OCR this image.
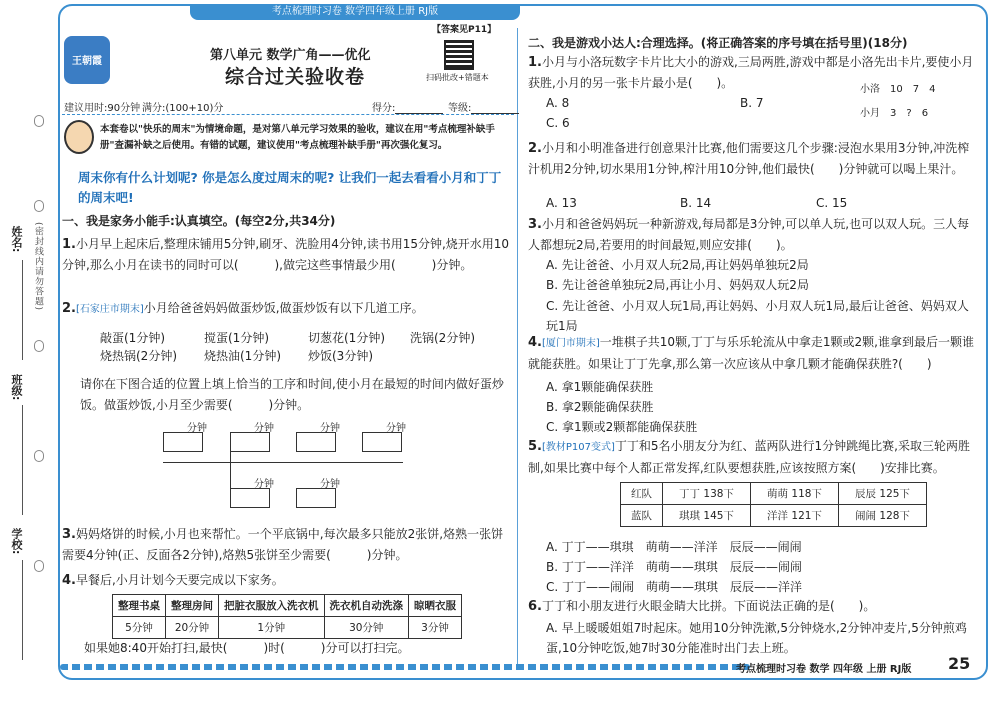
考点梳理时习卷 数学四年级上册 RJ版
姓名:
班级:
学校:
(密封线内请勿答题)
王朝霞	第八单元 数学广角——优化
综合过关验收卷
【答案见P11】
扫码批改+错题本
建议用时:90分钟 满分:(100+10)分	得分:	等级:
本套卷以"快乐的周末"为情境命题，是对第八单元学习效果的验收，建议在用"考点梳理补缺手册"查漏补缺之后使用。有错的试题，建议使用"考点梳理补缺手册"再次强化复习。
周末你有什么计划呢? 你是怎么度过周末的呢? 让我们一起去看看小月和丁丁的周末吧!
一、我是家务小能手:认真填空。(每空2分,共34分)
1.小月早上起床后,整理床铺用5分钟,刷牙、洗脸用4分钟,读书用15分钟,烧开水用10分钟,那么小月在读书的同时可以(　　　),做完这些事情最少用(　　　)分钟。
2.[石家庄市期末]小月给爸爸妈妈做蛋炒饭,做蛋炒饭有以下几道工序。
敲蛋(1分钟)	搅蛋(1分钟)	切葱花(1分钟) 洗锅(2分钟)
烧热锅(2分钟) 烧热油(1分钟) 炒饭(3分钟)
请你在下图合适的位置上填上恰当的工序和时间,使小月在最短的时间内做好蛋炒饭。做蛋炒饭,小月至少需要(　　　)分钟。
分钟	分钟	分钟	分钟
分钟	分钟
3.妈妈烙饼的时候,小月也来帮忙。一个平底锅中,每次最多只能放2张饼,烙熟一张饼需要4分钟(正、反面各2分钟),烙熟5张饼至少需要(　　　)分钟。
4.早餐后,小月计划今天要完成以下家务。
整理书桌	整理房间	把脏衣服放入洗衣机	洗衣机自动洗涤	晾晒衣服
5分钟	20分钟	1分钟	30分钟	3分钟
如果她8:40开始打扫,最快(　　　)时(　　　)分可以打扫完。
二、我是游戏小达人:合理选择。(将正确答案的序号填在括号里)(18分)
1.小月与小洛玩数字卡片比大小的游戏,三局两胜,游戏中都是小洛先出卡片,要使小月获胜,小月的另一张卡片最小是(　　)。	小洛　 10　 7　 4
小月　 3　 ?　 6
A. 8	B. 7
C. 6
2.小月和小明准备进行创意果汁比赛,他们需要这几个步骤:浸泡水果用3分钟,冲洗榨汁机用2分钟,切水果用1分钟,榨汁用10分钟,他们最快(　　)分钟就可以喝上果汁。
A. 13	B. 14	C. 15
3.小月和爸爸妈妈玩一种新游戏,每局都是3分钟,可以单人玩,也可以双人玩。三人每人都想玩2局,若要用的时间最短,则应安排(　　)。
A. 先让爸爸、小月双人玩2局,再让妈妈单独玩2局
B. 先让爸爸单独玩2局,再让小月、妈妈双人玩2局
C. 先让爸爸、小月双人玩1局,再让妈妈、小月双人玩1局,最后让爸爸、妈妈双人玩1局
4.[厦门市期末]一堆棋子共10颗,丁丁与乐乐轮流从中拿走1颗或2颗,谁拿到最后一颗谁就能获胜。如果让丁丁先拿,那么第一次应该从中拿几颗才能确保获胜?(　　)
A. 拿1颗能确保获胜
B. 拿2颗能确保获胜
C. 拿1颗或2颗都能确保获胜
5.[教材P107变式]丁丁和5名小朋友分为红、蓝两队进行1分钟跳绳比赛,采取三轮两胜制,如果比赛中每个人都正常发挥,红队要想获胜,应该按照方案(　　)安排比赛。
红队	丁丁 138下	萌萌 118下	辰辰 125下
蓝队	琪琪 145下	洋洋 121下	闹闹 128下
A. 丁丁——琪琪　萌萌——洋洋　辰辰——闹闹
B. 丁丁——洋洋　萌萌——琪琪　辰辰——闹闹
C. 丁丁——闹闹　萌萌——琪琪　辰辰——洋洋
6.丁丁和小朋友进行火眼金睛大比拼。下面说法正确的是(　　)。
A. 早上暖暖姐姐7时起床。她用10分钟洗漱,5分钟烧水,2分钟冲麦片,5分钟煎鸡蛋,10分钟吃饭,她7时30分能准时出门去上班。
考点梳理时习卷 数学 四年级 上册 RJ版 25
